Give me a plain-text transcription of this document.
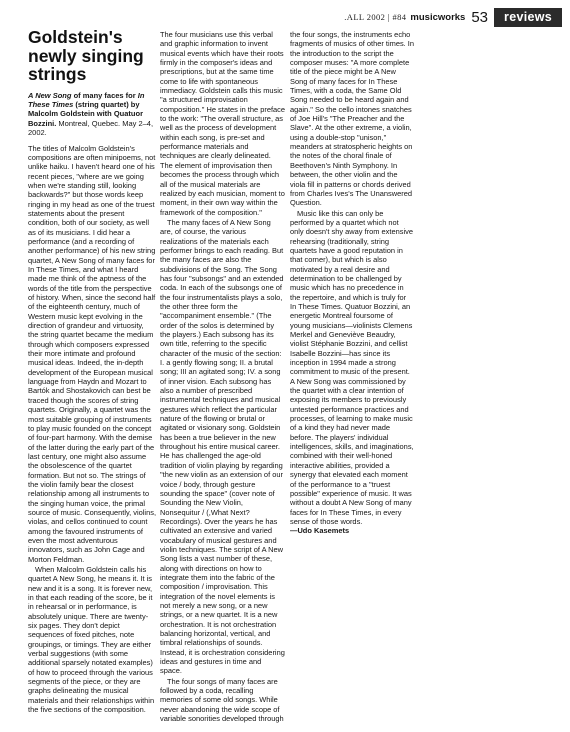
.ALL 2002 | #84 musicworks 53	reviews
Goldstein's newly singing strings

A New Song of many faces for In These Times (string quartet) by Malcolm Goldstein with Quatuor Bozzini. Montreal, Quebec. May 2–4, 2002.

The titles of Malcolm Goldstein's compositions are often minipoems, not unlike haiku. I haven't heard one of his recent pieces, "where are we going when we're standing still, looking backwards?" but those words keep ringing in my head as one of the truest statements about the present condition, both of our society, as well as of its musicians. I did hear a performance (and a recording of another performance) of his new string quartet, A New Song of many faces for In These Times, and what I heard made me think of the aptness of the words of the title from the perspective of history. When, since the second half of the eighteenth century, much of Western music kept evolving in the direction of grandeur and virtuosity, the string quartet became the medium through which composers expressed their more intimate and profound musical ideas. Indeed, the in-depth development of the European musical language from Haydn and Mozart to Bartók and Shostakovich can best be traced though the scores of string quartets. Originally, a quartet was the most suitable grouping of instruments to play music founded on the concept of four-part harmony. With the demise of the latter during the early part of the last century, one might also assume the obsolescence of the quartet formation. But not so. The strings of the violin family bear the closest relationship among all instruments to the singing human voice, the primal source of music. Consequently, violins, violas, and cellos continued to count among the favoured instruments of even the most adventurous innovators, such as John Cage and Morton Feldman.

When Malcolm Goldstein calls his quartet A New Song, he means it. It is new and it is a song. It is forever new, in that each reading of the score, be it in rehearsal or in performance, is absolutely unique. There are twenty-six pages. They don't depict sequences of fixed pitches, note groupings, or timings. They are either verbal suggestions (with some additional sparsely notated examples) of how to proceed through the various segments of the piece, or they are graphs delineating the musical materials and their relationships within the five sections of the composition.

The four musicians use this verbal and graphic information to invent musical events which have their roots firmly in the composer's ideas and prescriptions, but at the same time come to life with spontaneous immediacy. Goldstein calls this music "a structured improvisation composition." He states in the preface to the work: "The overall structure, as well as the process of development within each song, is pre-set and performance materials and techniques are clearly delineated. The element of improvisation then becomes the process through which all of the musical materials are realized by each musician, moment to moment, in their own way within the framework of the composition."

The many faces of A New Song are, of course, the various realizations of the materials each performer brings to each reading. But the many faces are also the subdivisions of the Song. The Song has four "subsongs" and an extended coda. In each of the subsongs one of the four instrumentalists plays a solo, the other three form the "accompaniment ensemble." (The order of the solos is determined by the players.) Each subsong has its own title, referring to the specific character of the music of the section: I. a gently flowing song; II. a brutal song; III an agitated song; IV. a song of inner vision. Each subsong has also a number of prescribed instrumental techniques and musical gestures which reflect the particular nature of the flowing or brutal or agitated or visionary song. Goldstein has been a true believer in the new throughout his entire musical career. He has challenged the age-old tradition of violin playing by regarding "the new violin as an extension of our voice / body, through gesture sounding the space" (cover note of Sounding the New Violin, Nonsequitur / (,What Next? Recordings). Over the years he has cultivated an extensive and varied vocabulary of musical gestures and violin techniques. The script of A New Song lists a vast number of these, along with directions on how to integrate them into the fabric of the composition / improvisation. This integration of the novel elements is not merely a new song, or a new strings, or a new quartet. It is a new orchestration. It is not orchestration balancing horizontal, vertical, and timbral relationships of sounds. Instead, it is orchestration considering ideas and gestures in time and space.

The four songs of many faces are followed by a coda, recalling memories of some old songs. While never abandoning the wide scope of variable sonorities developed through

the four songs, the instruments echo fragments of musics of other times. In the introduction to the script the composer muses: "A more complete title of the piece might be A New Song of many faces for In These Times, with a coda, the Same Old Song needed to be heard again and again." So the cello intones snatches of Joe Hill's "The Preacher and the Slave". At the other extreme, a violin, using a double-stop "unison," meanders at stratospheric heights on the notes of the choral finale of Beethoven's Ninth Symphony. In between, the other violin and the viola fill in patterns or chords derived from Charles Ives's The Unanswered Question.

Music like this can only be performed by a quartet which not only doesn't shy away from extensive rehearsing (traditionally, string quartets have a good reputation in that corner), but which is also motivated by a real desire and determination to be challenged by music which has no precedence in the repertoire, and which is truly for In These Times. Quatuor Bozzini, an energetic Montreal foursome of young musicians—violinists Clemens Merkel and Geneviève Beaudry, violist Stéphanie Bozzini, and cellist Isabelle Bozzini—has since its inception in 1994 made a strong commitment to music of the present. A New Song was commissioned by the quartet with a clear intention of exposing its members to previously untested performance practices and processes, of learning to make music of a kind they had never made before. The players' individual intelligences, skills, and imaginations, combined with their well-honed interactive abilities, provided a synergy that elevated each moment of the performance to a "truest possible" experience of music. It was without a doubt A New Song of many faces for In These Times, in every sense of those words.  —Udo Kasemets
